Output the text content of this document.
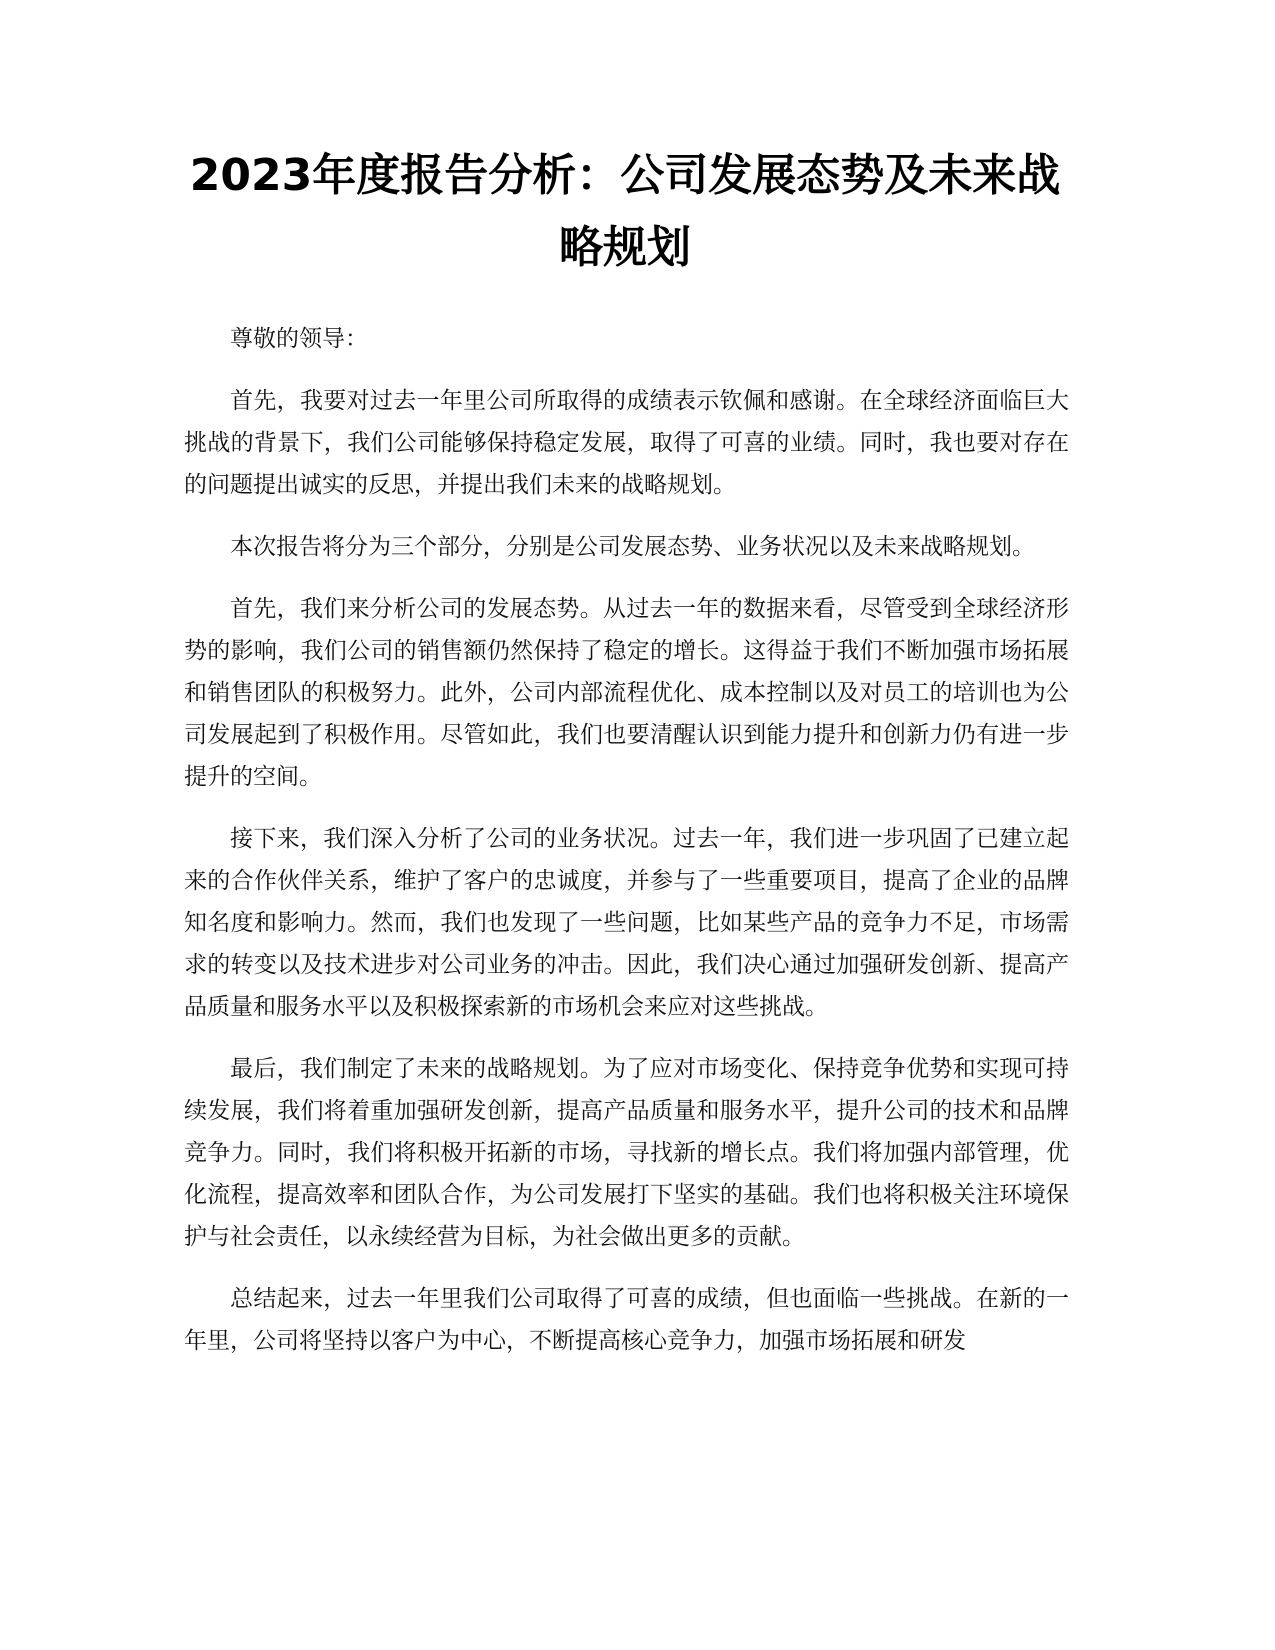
2023年度报告分析：公司发展态势及未来战略规划

尊敬的领导：

首先，我要对过去一年里公司所取得的成绩表示钦佩和感谢。在全球经济面临巨大挑战的背景下，我们公司能够保持稳定发展，取得了可喜的业绩。同时，我也要对存在的问题提出诚实的反思，并提出我们未来的战略规划。

本次报告将分为三个部分，分别是公司发展态势、业务状况以及未来战略规划。

首先，我们来分析公司的发展态势。从过去一年的数据来看，尽管受到全球经济形势的影响，我们公司的销售额仍然保持了稳定的增长。这得益于我们不断加强市场拓展和销售团队的积极努力。此外，公司内部流程优化、成本控制以及对员工的培训也为公司发展起到了积极作用。尽管如此，我们也要清醒认识到能力提升和创新力仍有进一步提升的空间。

接下来，我们深入分析了公司的业务状况。过去一年，我们进一步巩固了已建立起来的合作伙伴关系，维护了客户的忠诚度，并参与了一些重要项目，提高了企业的品牌知名度和影响力。然而，我们也发现了一些问题，比如某些产品的竞争力不足，市场需求的转变以及技术进步对公司业务的冲击。因此，我们决心通过加强研发创新、提高产品质量和服务水平以及积极探索新的市场机会来应对这些挑战。

最后，我们制定了未来的战略规划。为了应对市场变化、保持竞争优势和实现可持续发展，我们将着重加强研发创新，提高产品质量和服务水平，提升公司的技术和品牌竞争力。同时，我们将积极开拓新的市场，寻找新的增长点。我们将加强内部管理，优化流程，提高效率和团队合作，为公司发展打下坚实的基础。我们也将积极关注环境保护与社会责任，以永续经营为目标，为社会做出更多的贡献。

总结起来，过去一年里我们公司取得了可喜的成绩，但也面临一些挑战。在新的一年里，公司将坚持以客户为中心，不断提高核心竞争力，加强市场拓展和研发
